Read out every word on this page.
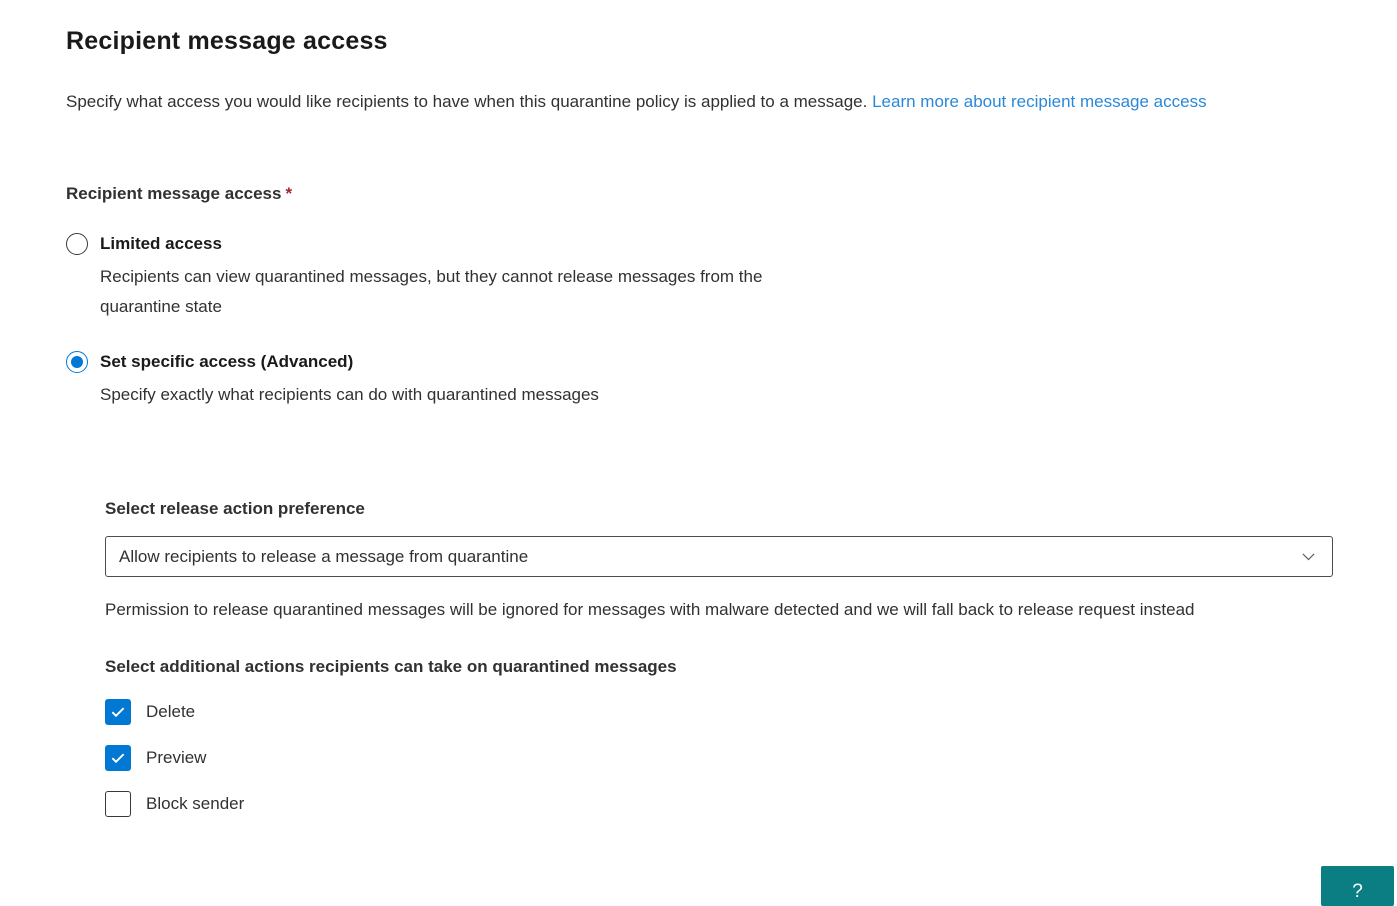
Recipient message access

Specify what access you would like recipients to have when this quarantine policy is applied to a message. Learn more about recipient message access

Recipient message access *
Limited access
Recipients can view quarantined messages, but they cannot release messages from the quarantine state
Set specific access (Advanced)
Specify exactly what recipients can do with quarantined messages
Select release action preference
Allow recipients to release a message from quarantine
Permission to release quarantined messages will be ignored for messages with malware detected and we will fall back to release request instead
Select additional actions recipients can take on quarantined messages
Delete
Preview
Block sender
?
